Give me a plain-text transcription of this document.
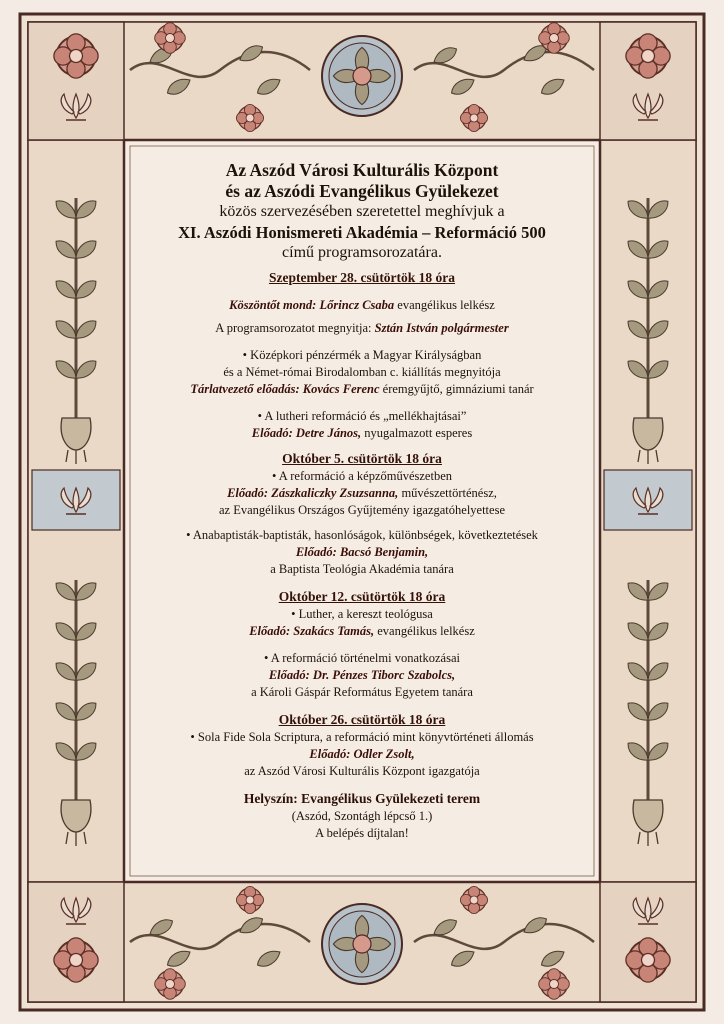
Az Aszód Városi Kulturális Központ
és az Aszódi Evangélikus Gyülekezet
közös szervezésében szeretettel meghívjuk a
XI. Aszódi Honismereti Akadémia – Reformáció 500
című programsorozatára.
Szeptember 28. csütörtök 18 óra
Köszöntőt mond: Lőrincz Csaba evangélikus lelkész
A programsorozatot megnyitja: Sztán István polgármester
• Középkori pénzérmék a Magyar Királyságban
és a Német-római Birodalomban c. kiállítás megnyitója
Tárlatvezető előadás: Kovács Ferenc éremgyűjtő, gimnáziumi tanár
• A lutheri reformáció és „mellékhajtásai”
Előadó: Detre János, nyugalmazott esperes
Október 5. csütörtök 18 óra
• A reformáció a képzőművészetben
Előadó: Zászkaliczky Zsuzsanna, művészettörténész,
az Evangélikus Országos Gyűjtemény igazgatóhelyettese
• Anabaptisták-baptisták, hasonlóságok, különbségek, következtetések
Előadó: Bacsó Benjamin,
a Baptista Teológia Akadémia tanára
Október 12. csütörtök 18 óra
• Luther, a kereszt teológusa
Előadó: Szakács Tamás, evangélikus lelkész
• A reformáció történelmi vonatkozásai
Előadó: Dr. Pénzes Tiborc Szabolcs,
a Károli Gáspár Református Egyetem tanára
Október 26. csütörtök 18 óra
• Sola Fide Sola Scriptura, a reformáció mint könyvtörténeti állomás
Előadó: Odler Zsolt,
az Aszód Városi Kulturális Központ igazgatója
Helyszín: Evangélikus Gyülekezeti terem
(Aszód, Szontágh lépcső 1.)
A belépés díjtalan!
